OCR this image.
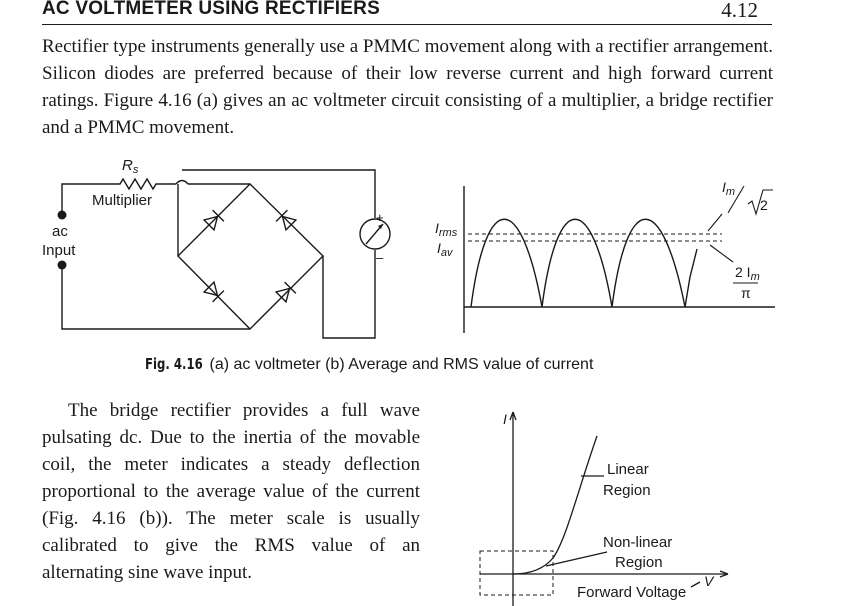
AC VOLTMETER USING RECTIFIERS	4.12

Rectifier type instruments generally use a PMMC movement along with a rectifier arrangement. Silicon diodes are preferred because of their low reverse current and high forward current ratings. Figure 4.16 (a) gives an ac voltmeter circuit consisting of a multiplier, a bridge rectifier and a PMMC movement.

$R_s$
Multiplier
ac
Input
+
–
$I_{rms}$
$I_{av}$
$I_m$
2
2 $I_m$
π
Fig. 4.16 (a) ac voltmeter (b) Average and RMS value of current

The bridge rectifier provides a full wave pulsating dc. Due to the inertia of the movable coil, the meter indicates a steady deflection proportional to the average value of the current (Fig. 4.16 (b)). The meter scale is usually calibrated to give the RMS value of an alternating sine wave input.

I
V
Linear
Region
Non-linear
Region
Forward Voltage
